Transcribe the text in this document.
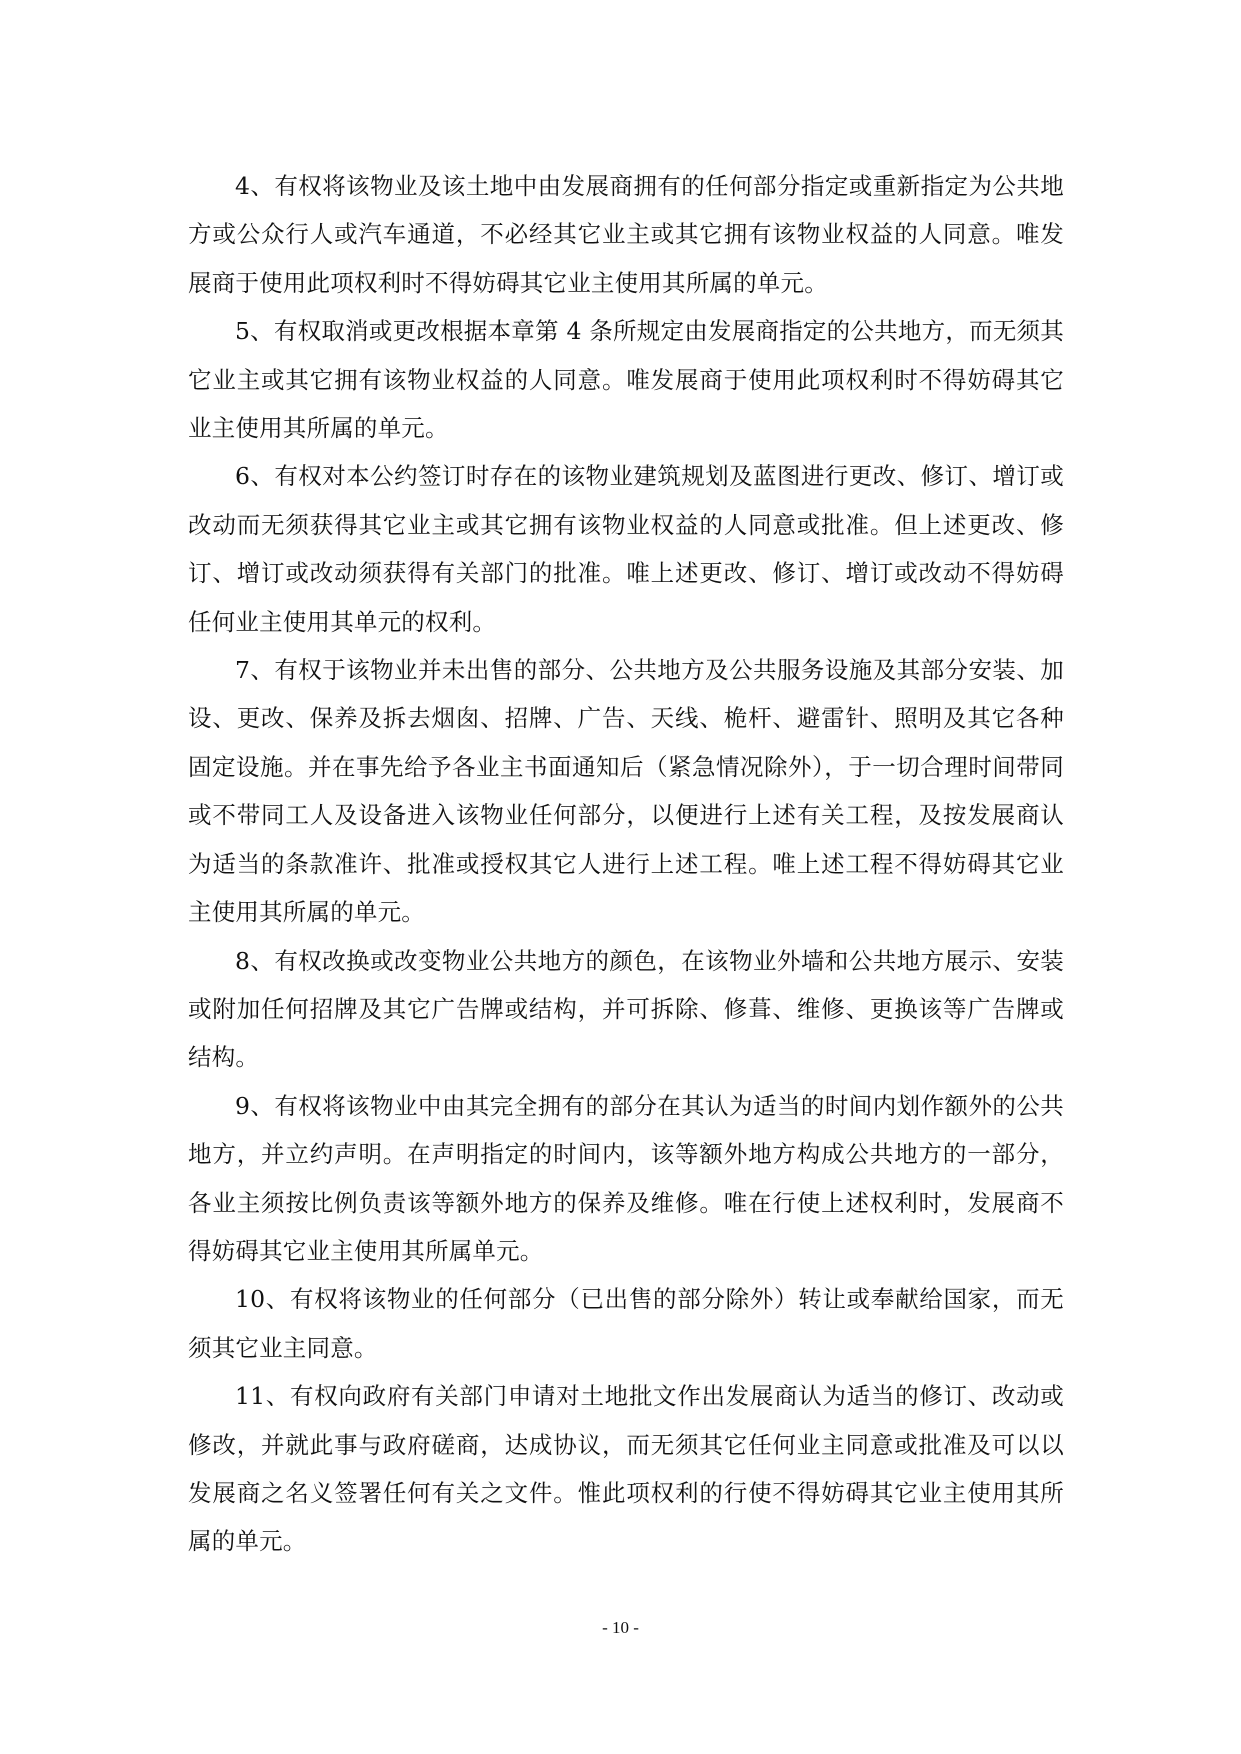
4、有权将该物业及该土地中由发展商拥有的任何部分指定或重新指定为公共地方或公众行人或汽车通道，不必经其它业主或其它拥有该物业权益的人同意。唯发展商于使用此项权利时不得妨碍其它业主使用其所属的单元。

5、有权取消或更改根据本章第 4 条所规定由发展商指定的公共地方，而无须其它业主或其它拥有该物业权益的人同意。唯发展商于使用此项权利时不得妨碍其它业主使用其所属的单元。

6、有权对本公约签订时存在的该物业建筑规划及蓝图进行更改、修订、增订或改动而无须获得其它业主或其它拥有该物业权益的人同意或批准。但上述更改、修订、增订或改动须获得有关部门的批准。唯上述更改、修订、增订或改动不得妨碍任何业主使用其单元的权利。

7、有权于该物业并未出售的部分、公共地方及公共服务设施及其部分安装、加设、更改、保养及拆去烟囱、招牌、广告、天线、桅杆、避雷针、照明及其它各种固定设施。并在事先给予各业主书面通知后（紧急情况除外），于一切合理时间带同或不带同工人及设备进入该物业任何部分，以便进行上述有关工程，及按发展商认为适当的条款准许、批准或授权其它人进行上述工程。唯上述工程不得妨碍其它业主使用其所属的单元。

8、有权改换或改变物业公共地方的颜色，在该物业外墙和公共地方展示、安装或附加任何招牌及其它广告牌或结构，并可拆除、修葺、维修、更换该等广告牌或结构。

9、有权将该物业中由其完全拥有的部分在其认为适当的时间内划作额外的公共地方，并立约声明。在声明指定的时间内，该等额外地方构成公共地方的一部分，各业主须按比例负责该等额外地方的保养及维修。唯在行使上述权利时，发展商不得妨碍其它业主使用其所属单元。

10、有权将该物业的任何部分（已出售的部分除外）转让或奉献给国家，而无须其它业主同意。

11、有权向政府有关部门申请对土地批文作出发展商认为适当的修订、改动或修改，并就此事与政府磋商，达成协议，而无须其它任何业主同意或批准及可以以发展商之名义签署任何有关之文件。惟此项权利的行使不得妨碍其它业主使用其所属的单元。

- 10 -
